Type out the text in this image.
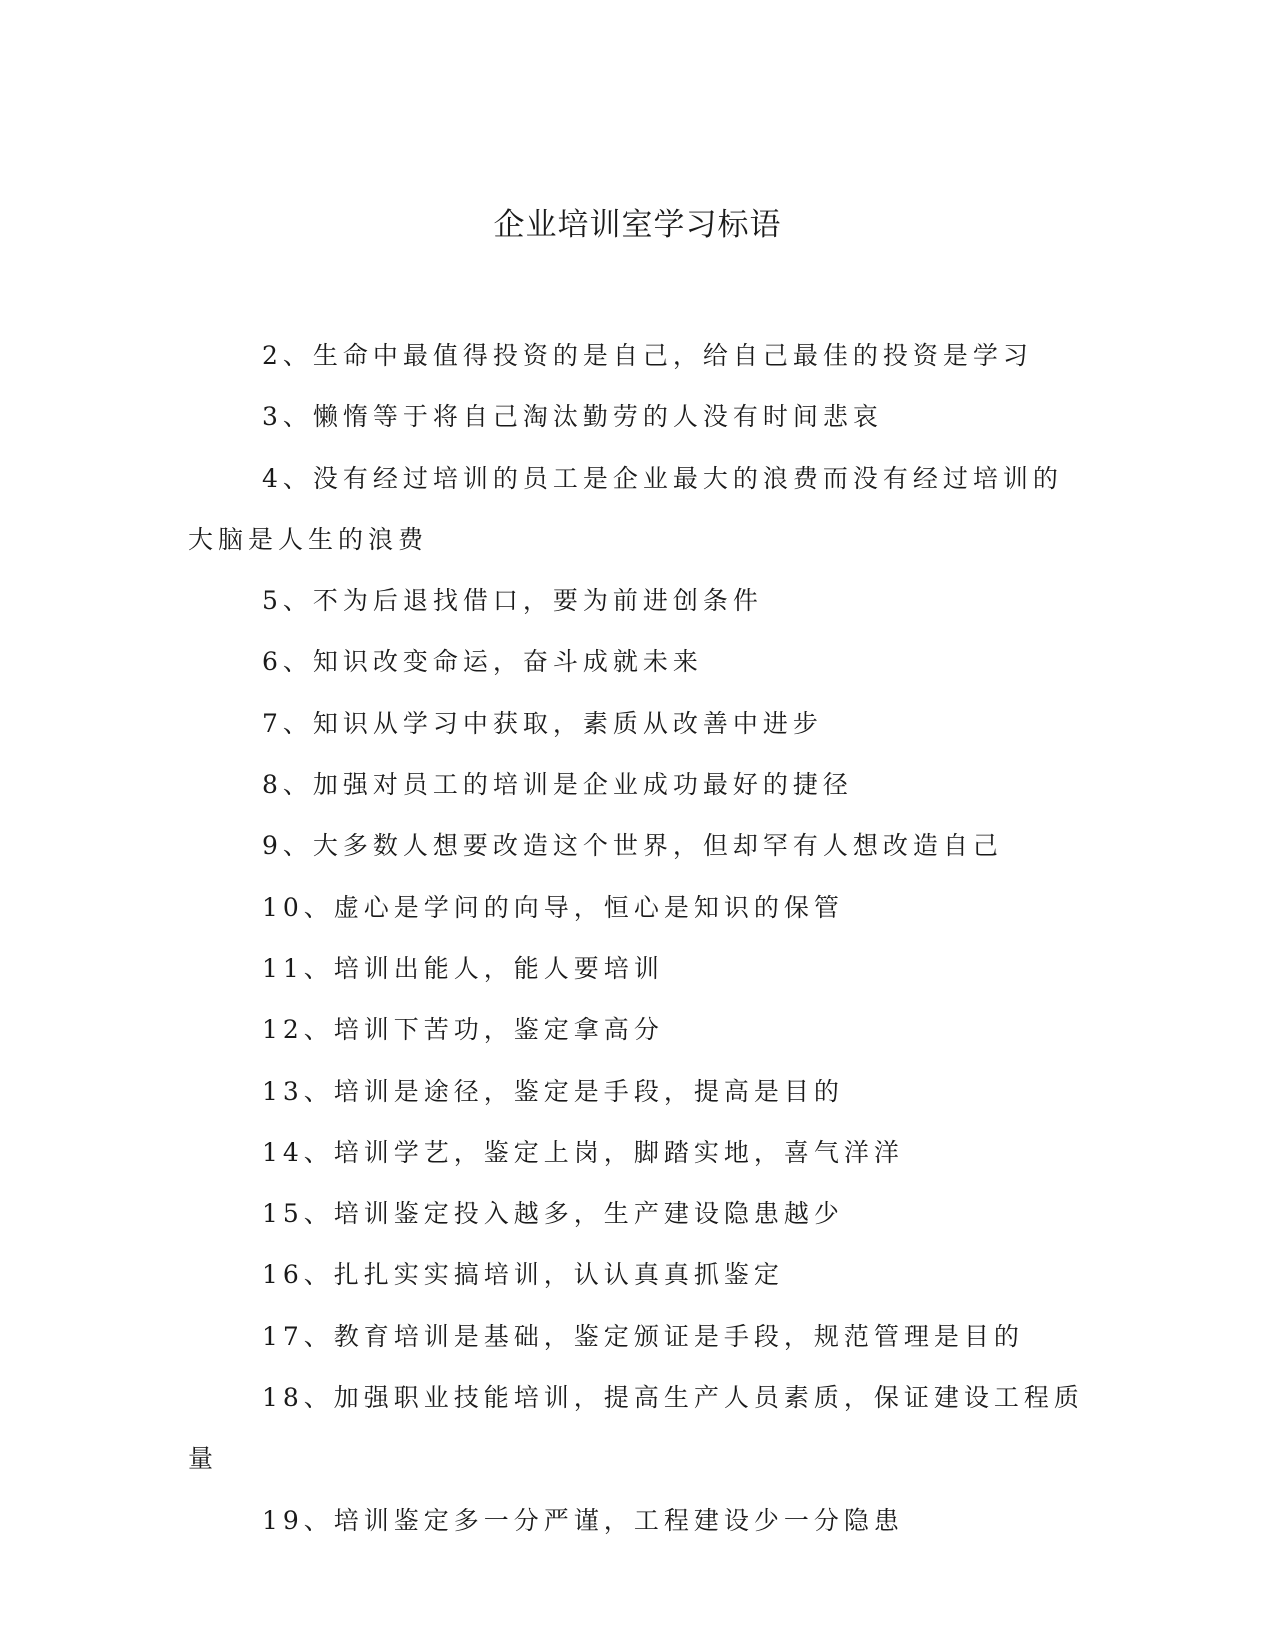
企业培训室学习标语
2、生命中最值得投资的是自己，给自己最佳的投资是学习
3、懒惰等于将自己淘汰勤劳的人没有时间悲哀
4、没有经过培训的员工是企业最大的浪费而没有经过培训的大脑是人生的浪费
5、不为后退找借口，要为前进创条件
6、知识改变命运，奋斗成就未来
7、知识从学习中获取，素质从改善中进步
8、加强对员工的培训是企业成功最好的捷径
9、大多数人想要改造这个世界，但却罕有人想改造自己
10、虚心是学问的向导，恒心是知识的保管
11、培训出能人，能人要培训
12、培训下苦功，鉴定拿高分
13、培训是途径，鉴定是手段，提高是目的
14、培训学艺，鉴定上岗，脚踏实地，喜气洋洋
15、培训鉴定投入越多，生产建设隐患越少
16、扎扎实实搞培训，认认真真抓鉴定
17、教育培训是基础，鉴定颁证是手段，规范管理是目的
18、加强职业技能培训，提高生产人员素质，保证建设工程质量
19、培训鉴定多一分严谨，工程建设少一分隐患
